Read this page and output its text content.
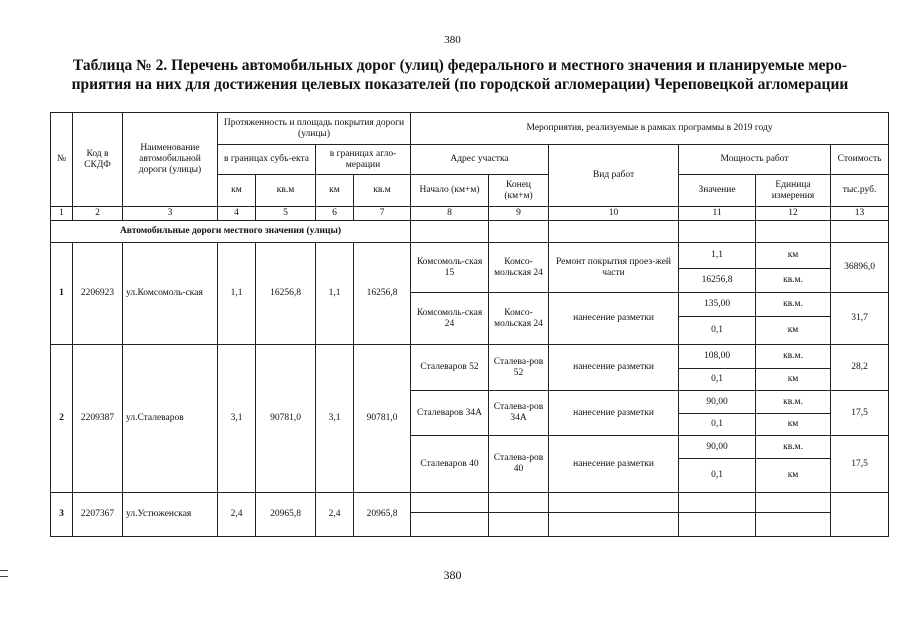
380
Таблица № 2. Перечень автомобильных дорог (улиц) федерального и местного значения и планируемые меро-
приятия на них для достижения целевых показателей (по городской агломерации) Череповецкой агломерации
№	Код в СКДФ	Наименование автомобильной дороги (улицы)	Протяженность и площадь покрытия дороги (улицы)				Мероприятия, реализуемые в рамках программы в 2019 году					
			в границах субъ-екта		в границах агло-мерации		Адрес участка		Вид работ	Мощность работ		Стоимость
			км	кв.м	км	кв.м	Начало (км+м)	Конец (км+м)		Значение	Единица измерения	тыс.руб.
1	2	3	4	5	6	7	8	9	10	11	12	13
Автомобильные дороги местного значения (улицы)												
1	2206923	ул.Комсомоль-ская	1,1	16256,8	1,1	16256,8	Комсомоль-ская 15	Комсо-мольская 24	Ремонт покрытия проез-жей части	1,1	км	36896,0
										16256,8	кв.м.	
							Комсомоль-ская 24	Комсо-мольская 24	нанесение разметки	135,00	кв.м.	31,7
										0,1	км	
2	2209387	ул.Сталеваров	3,1	90781,0	3,1	90781,0	Сталеваров 52	Сталева-ров 52	нанесение разметки	108,00	кв.м.	28,2
										0,1	км	
							Сталеваров 34А	Сталева-ров 34А	нанесение разметки	90,00	кв.м.	17,5
										0,1	км	
							Сталеваров 40	Сталева-ров 40	нанесение разметки	90,00	кв.м.	17,5
										0,1	км	
3	2207367	ул.Устюженская	2,4	20965,8	2,4	20965,8						

380
